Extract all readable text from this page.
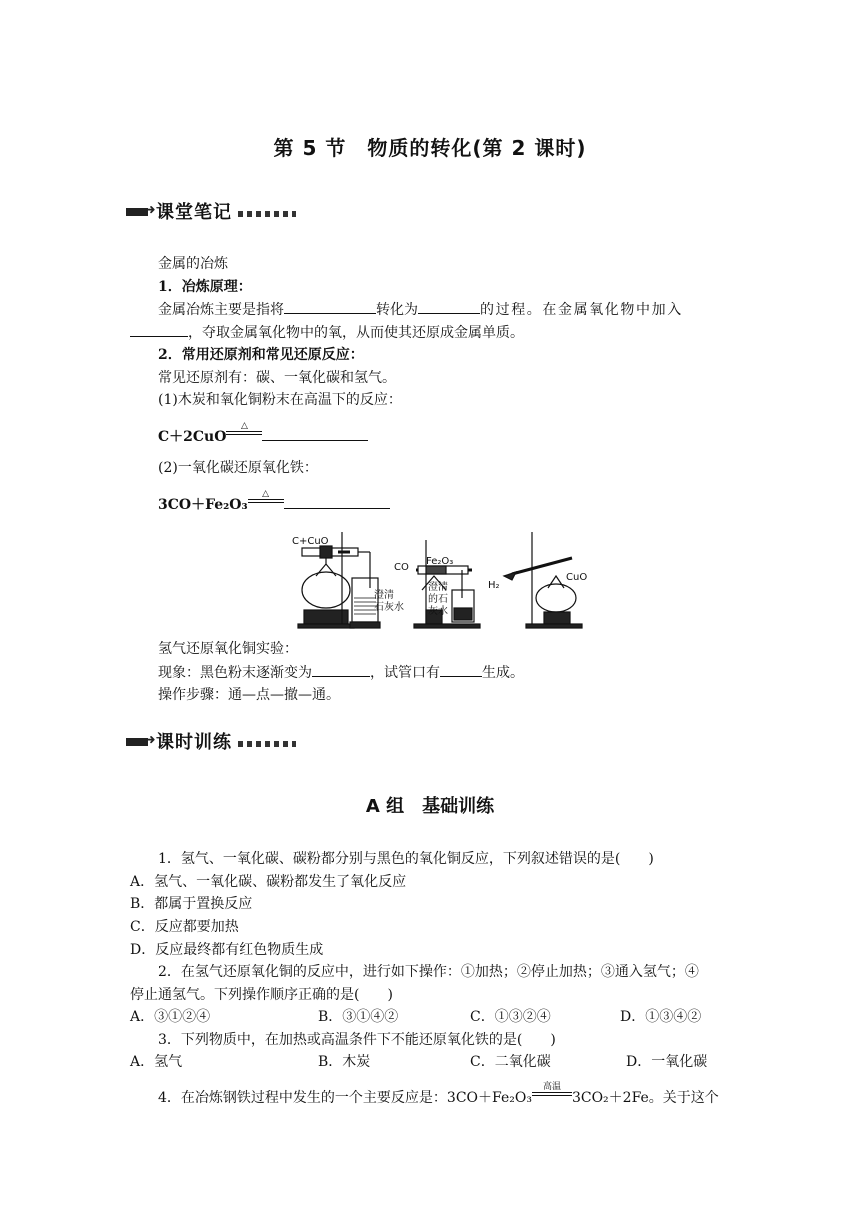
第 5 节　物质的转化(第 2 课时)
➜ 课堂笔记
金属的冶炼
1．冶炼原理：
金属冶炼主要是指将	转化为	的过程。在金属氧化物中加入
，夺取金属氧化物中的氧，从而使其还原成金属单质。
2．常用还原剂和常见还原反应：
常见还原剂有：碳、一氧化碳和氢气。
(1)木炭和氧化铜粉末在高温下的反应：
C＋2CuO
△
(2)一氧化碳还原氧化铁：
3CO＋Fe₂O₃
△
C+CuO
澄清
石灰水
CO
Fe₂O₃
澄清
的石
灰水
H₂
CuO
氢气还原氧化铜实验：
现象：黑色粉末逐渐变为	，试管口有	生成。
操作步骤：通—点—撤—通。
➜ 课时训练
A 组　基础训练
1．氢气、一氧化碳、碳粉都分别与黑色的氧化铜反应，下列叙述错误的是(　　)
A．氢气、一氧化碳、碳粉都发生了氧化反应
B．都属于置换反应
C．反应都要加热
D．反应最终都有红色物质生成
2．在氢气还原氧化铜的反应中，进行如下操作：①加热；②停止加热；③通入氢气；④
停止通氢气。下列操作顺序正确的是(　　)
A．③①②④	B．③①④②	C．①③②④	D．①③④②
3．下列物质中，在加热或高温条件下不能还原氧化铁的是(　　)
A．氢气	B．木炭	C．二氧化碳	D．一氧化碳
4．在冶炼钢铁过程中发生的一个主要反应是：3CO＋Fe₂O₃
高温
3CO₂＋2Fe。关于这个
